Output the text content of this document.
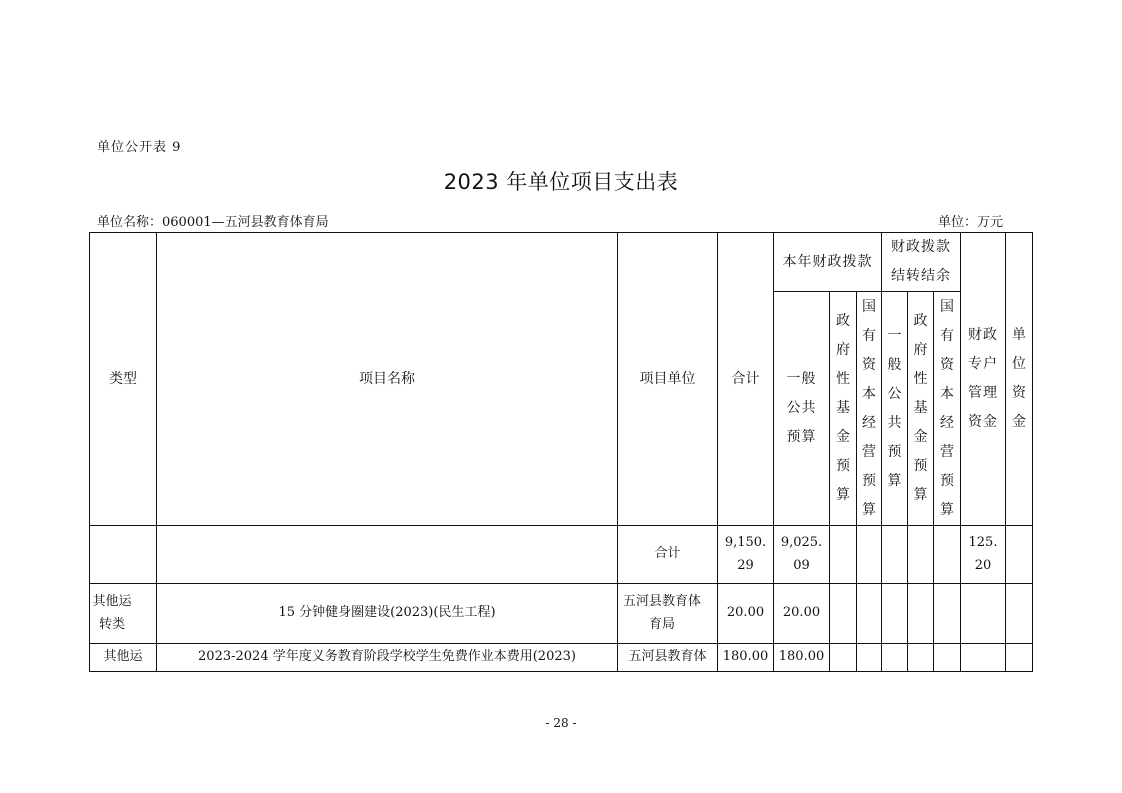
单位公开表 9
2023 年单位项目支出表
单位名称：060001—五河县教育体育局	单位：万元
类型	项目名称	项目单位	合计	本年财政拨款			财政拨款结转结余			财政专户管理资金	单位资金

				一般公共预算	政府性基金预算	国有资本经营预算	一般公共预算	政府性基金预算	国有资本经营预算		

		合计	9,150.29	9,025.09						125.20	

其他运转类	15 分钟健身圈建设(2023)(民生工程)	五河县教育体育局	20.00	20.00							
其他运	2023-2024 学年度义务教育阶段学校学生免费作业本费用(2023)	五河县教育体	180.00	180.00							
- 28 -
